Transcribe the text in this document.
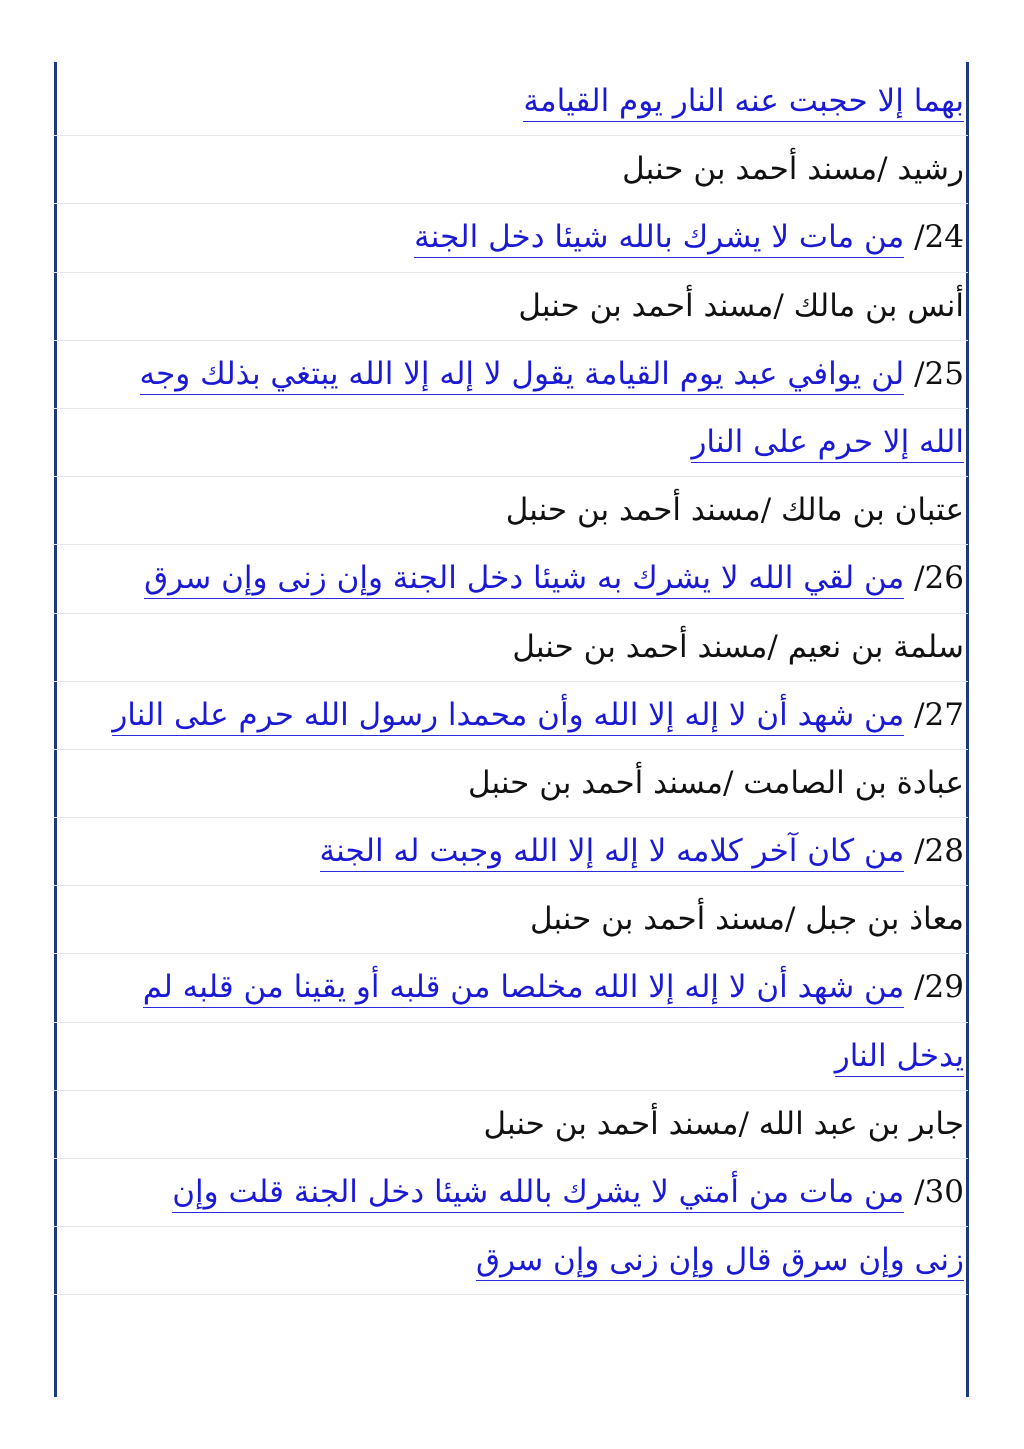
بهما إلا حجبت عنه النار يوم القيامة
رشيد /مسند أحمد بن حنبل
24/ من مات لا يشرك بالله شيئا دخل الجنة
أنس بن مالك /مسند أحمد بن حنبل
25/ لن يوافي عبد يوم القيامة يقول لا إله إلا الله يبتغي بذلك وجه
الله إلا حرم على النار
عتبان بن مالك /مسند أحمد بن حنبل
26/ من لقي الله لا يشرك به شيئا دخل الجنة وإن زنى وإن سرق
سلمة بن نعيم /مسند أحمد بن حنبل
27/ من شهد أن لا إله إلا الله وأن محمدا رسول الله حرم على النار
عبادة بن الصامت /مسند أحمد بن حنبل
28/ من كان آخر كلامه لا إله إلا الله وجبت له الجنة
معاذ بن جبل /مسند أحمد بن حنبل
29/ من شهد أن لا إله إلا الله مخلصا من قلبه أو يقينا من قلبه لم
يدخل النار
جابر بن عبد الله /مسند أحمد بن حنبل
30/ من مات من أمتي لا يشرك بالله شيئا دخل الجنة قلت وإن
زنى وإن سرق قال وإن زنى وإن سرق
